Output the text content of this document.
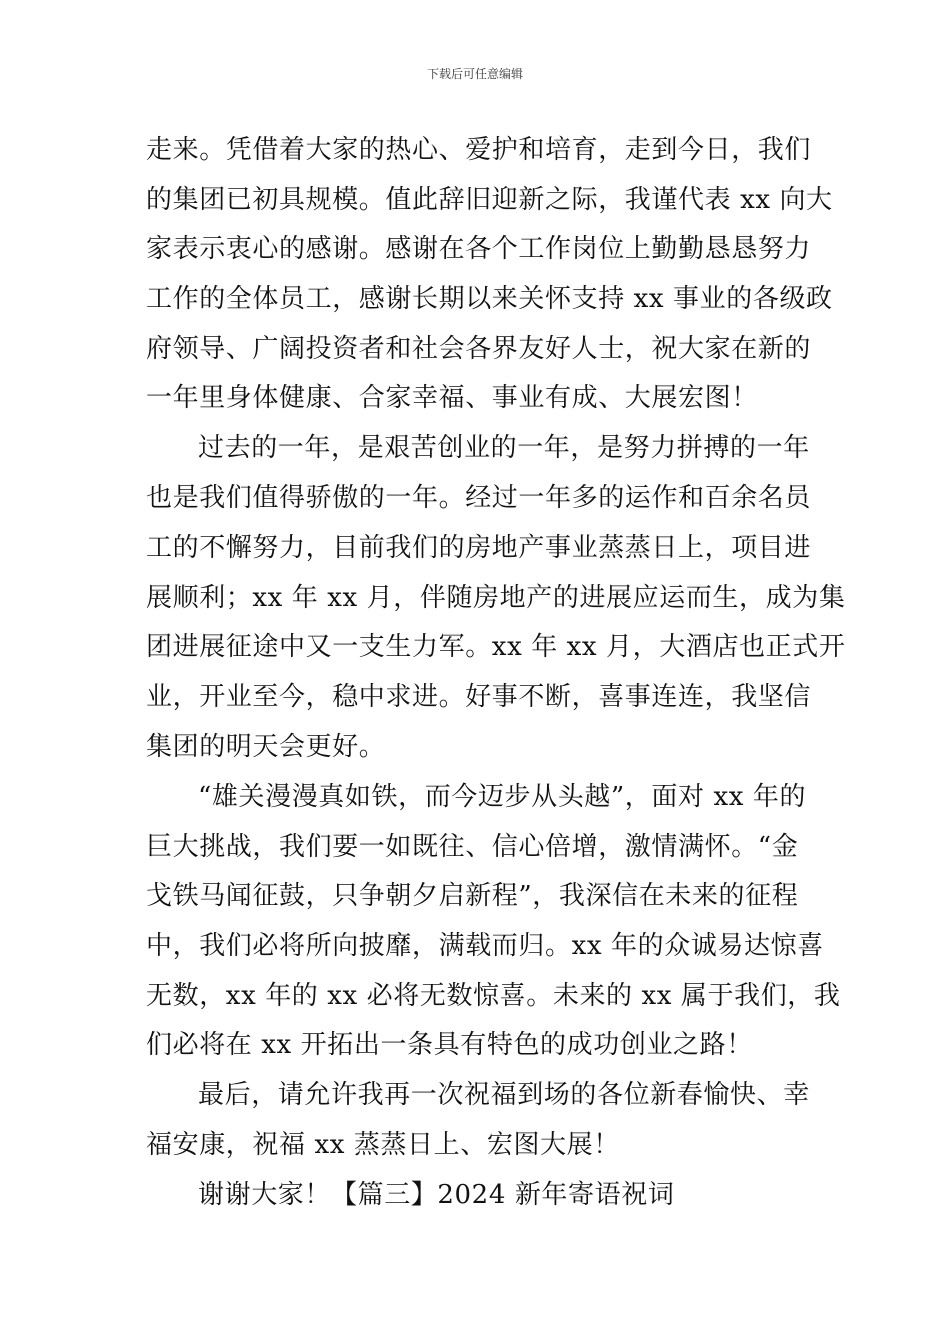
下载后可任意编辑
走来。凭借着大家的热心、爱护和培育，走到今日，我们
的集团已初具规模。值此辞旧迎新之际，我谨代表 xx 向大
家表示衷心的感谢。感谢在各个工作岗位上勤勤恳恳努力
工作的全体员工，感谢长期以来关怀支持 xx 事业的各级政
府领导、广阔投资者和社会各界友好人士，祝大家在新的
一年里身体健康、合家幸福、事业有成、大展宏图！
过去的一年，是艰苦创业的一年，是努力拼搏的一年
也是我们值得骄傲的一年。经过一年多的运作和百余名员
工的不懈努力，目前我们的房地产事业蒸蒸日上，项目进
展顺利；xx 年 xx 月，伴随房地产的进展应运而生，成为集
团进展征途中又一支生力军。xx 年 xx 月，大酒店也正式开
业，开业至今，稳中求进。好事不断，喜事连连，我坚信
集团的明天会更好。
“雄关漫漫真如铁，而今迈步从头越”，面对 xx 年的
巨大挑战，我们要一如既往、信心倍增，激情满怀。“金
戈铁马闻征鼓，只争朝夕启新程”，我深信在未来的征程
中，我们必将所向披靡，满载而归。xx 年的众诚易达惊喜
无数，xx 年的 xx 必将无数惊喜。未来的 xx 属于我们，我
们必将在 xx 开拓出一条具有特色的成功创业之路！
最后，请允许我再一次祝福到场的各位新春愉快、幸
福安康，祝福 xx 蒸蒸日上、宏图大展！
谢谢大家！【篇三】2024 新年寄语祝词
